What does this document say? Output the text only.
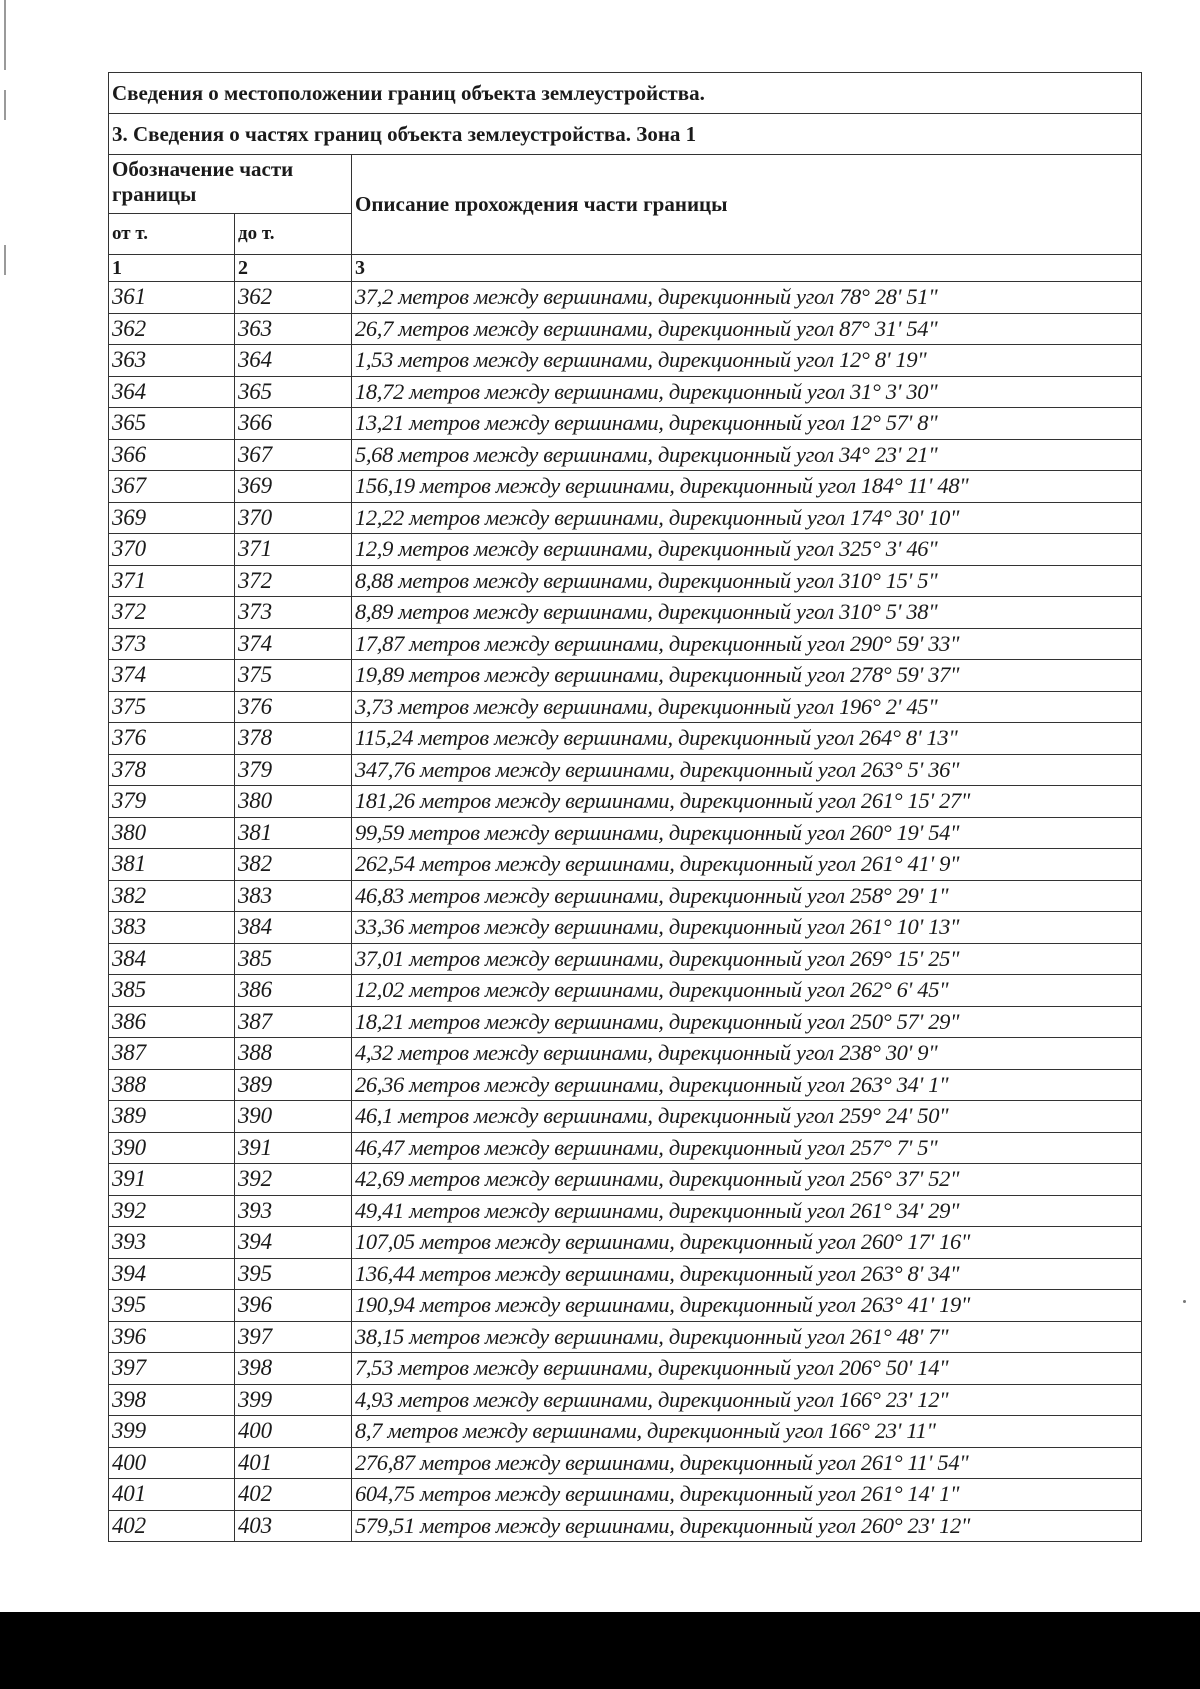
Сведения о местоположении границ объекта землеустройства.		
3. Сведения о частях границ объекта землеустройства. Зона 1		
Обозначение части границы		Описание прохождения части границы
от т.	до т.	
1	2	3
361	362	37,2 метров между вершинами, дирекционный угол 78° 28' 51"
362	363	26,7 метров между вершинами, дирекционный угол 87° 31' 54"
363	364	1,53 метров между вершинами, дирекционный угол 12° 8' 19"
364	365	18,72 метров между вершинами, дирекционный угол 31° 3' 30"
365	366	13,21 метров между вершинами, дирекционный угол 12° 57' 8"
366	367	5,68 метров между вершинами, дирекционный угол 34° 23' 21"
367	369	156,19 метров между вершинами, дирекционный угол 184° 11' 48"
369	370	12,22 метров между вершинами, дирекционный угол 174° 30' 10"
370	371	12,9 метров между вершинами, дирекционный угол 325° 3' 46"
371	372	8,88 метров между вершинами, дирекционный угол 310° 15' 5"
372	373	8,89 метров между вершинами, дирекционный угол 310° 5' 38"
373	374	17,87 метров между вершинами, дирекционный угол 290° 59' 33"
374	375	19,89 метров между вершинами, дирекционный угол 278° 59' 37"
375	376	3,73 метров между вершинами, дирекционный угол 196° 2' 45"
376	378	115,24 метров между вершинами, дирекционный угол 264° 8' 13"
378	379	347,76 метров между вершинами, дирекционный угол 263° 5' 36"
379	380	181,26 метров между вершинами, дирекционный угол 261° 15' 27"
380	381	99,59 метров между вершинами, дирекционный угол 260° 19' 54"
381	382	262,54 метров между вершинами, дирекционный угол 261° 41' 9"
382	383	46,83 метров между вершинами, дирекционный угол 258° 29' 1"
383	384	33,36 метров между вершинами, дирекционный угол 261° 10' 13"
384	385	37,01 метров между вершинами, дирекционный угол 269° 15' 25"
385	386	12,02 метров между вершинами, дирекционный угол 262° 6' 45"
386	387	18,21 метров между вершинами, дирекционный угол 250° 57' 29"
387	388	4,32 метров между вершинами, дирекционный угол 238° 30' 9"
388	389	26,36 метров между вершинами, дирекционный угол 263° 34' 1"
389	390	46,1 метров между вершинами, дирекционный угол 259° 24' 50"
390	391	46,47 метров между вершинами, дирекционный угол 257° 7' 5"
391	392	42,69 метров между вершинами, дирекционный угол 256° 37' 52"
392	393	49,41 метров между вершинами, дирекционный угол 261° 34' 29"
393	394	107,05 метров между вершинами, дирекционный угол 260° 17' 16"
394	395	136,44 метров между вершинами, дирекционный угол 263° 8' 34"
395	396	190,94 метров между вершинами, дирекционный угол 263° 41' 19"
396	397	38,15 метров между вершинами, дирекционный угол 261° 48' 7"
397	398	7,53 метров между вершинами, дирекционный угол 206° 50' 14"
398	399	4,93 метров между вершинами, дирекционный угол 166° 23' 12"
399	400	8,7 метров между вершинами, дирекционный угол 166° 23' 11"
400	401	276,87 метров между вершинами, дирекционный угол 261° 11' 54"
401	402	604,75 метров между вершинами, дирекционный угол 261° 14' 1"
402	403	579,51 метров между вершинами, дирекционный угол 260° 23' 12"
